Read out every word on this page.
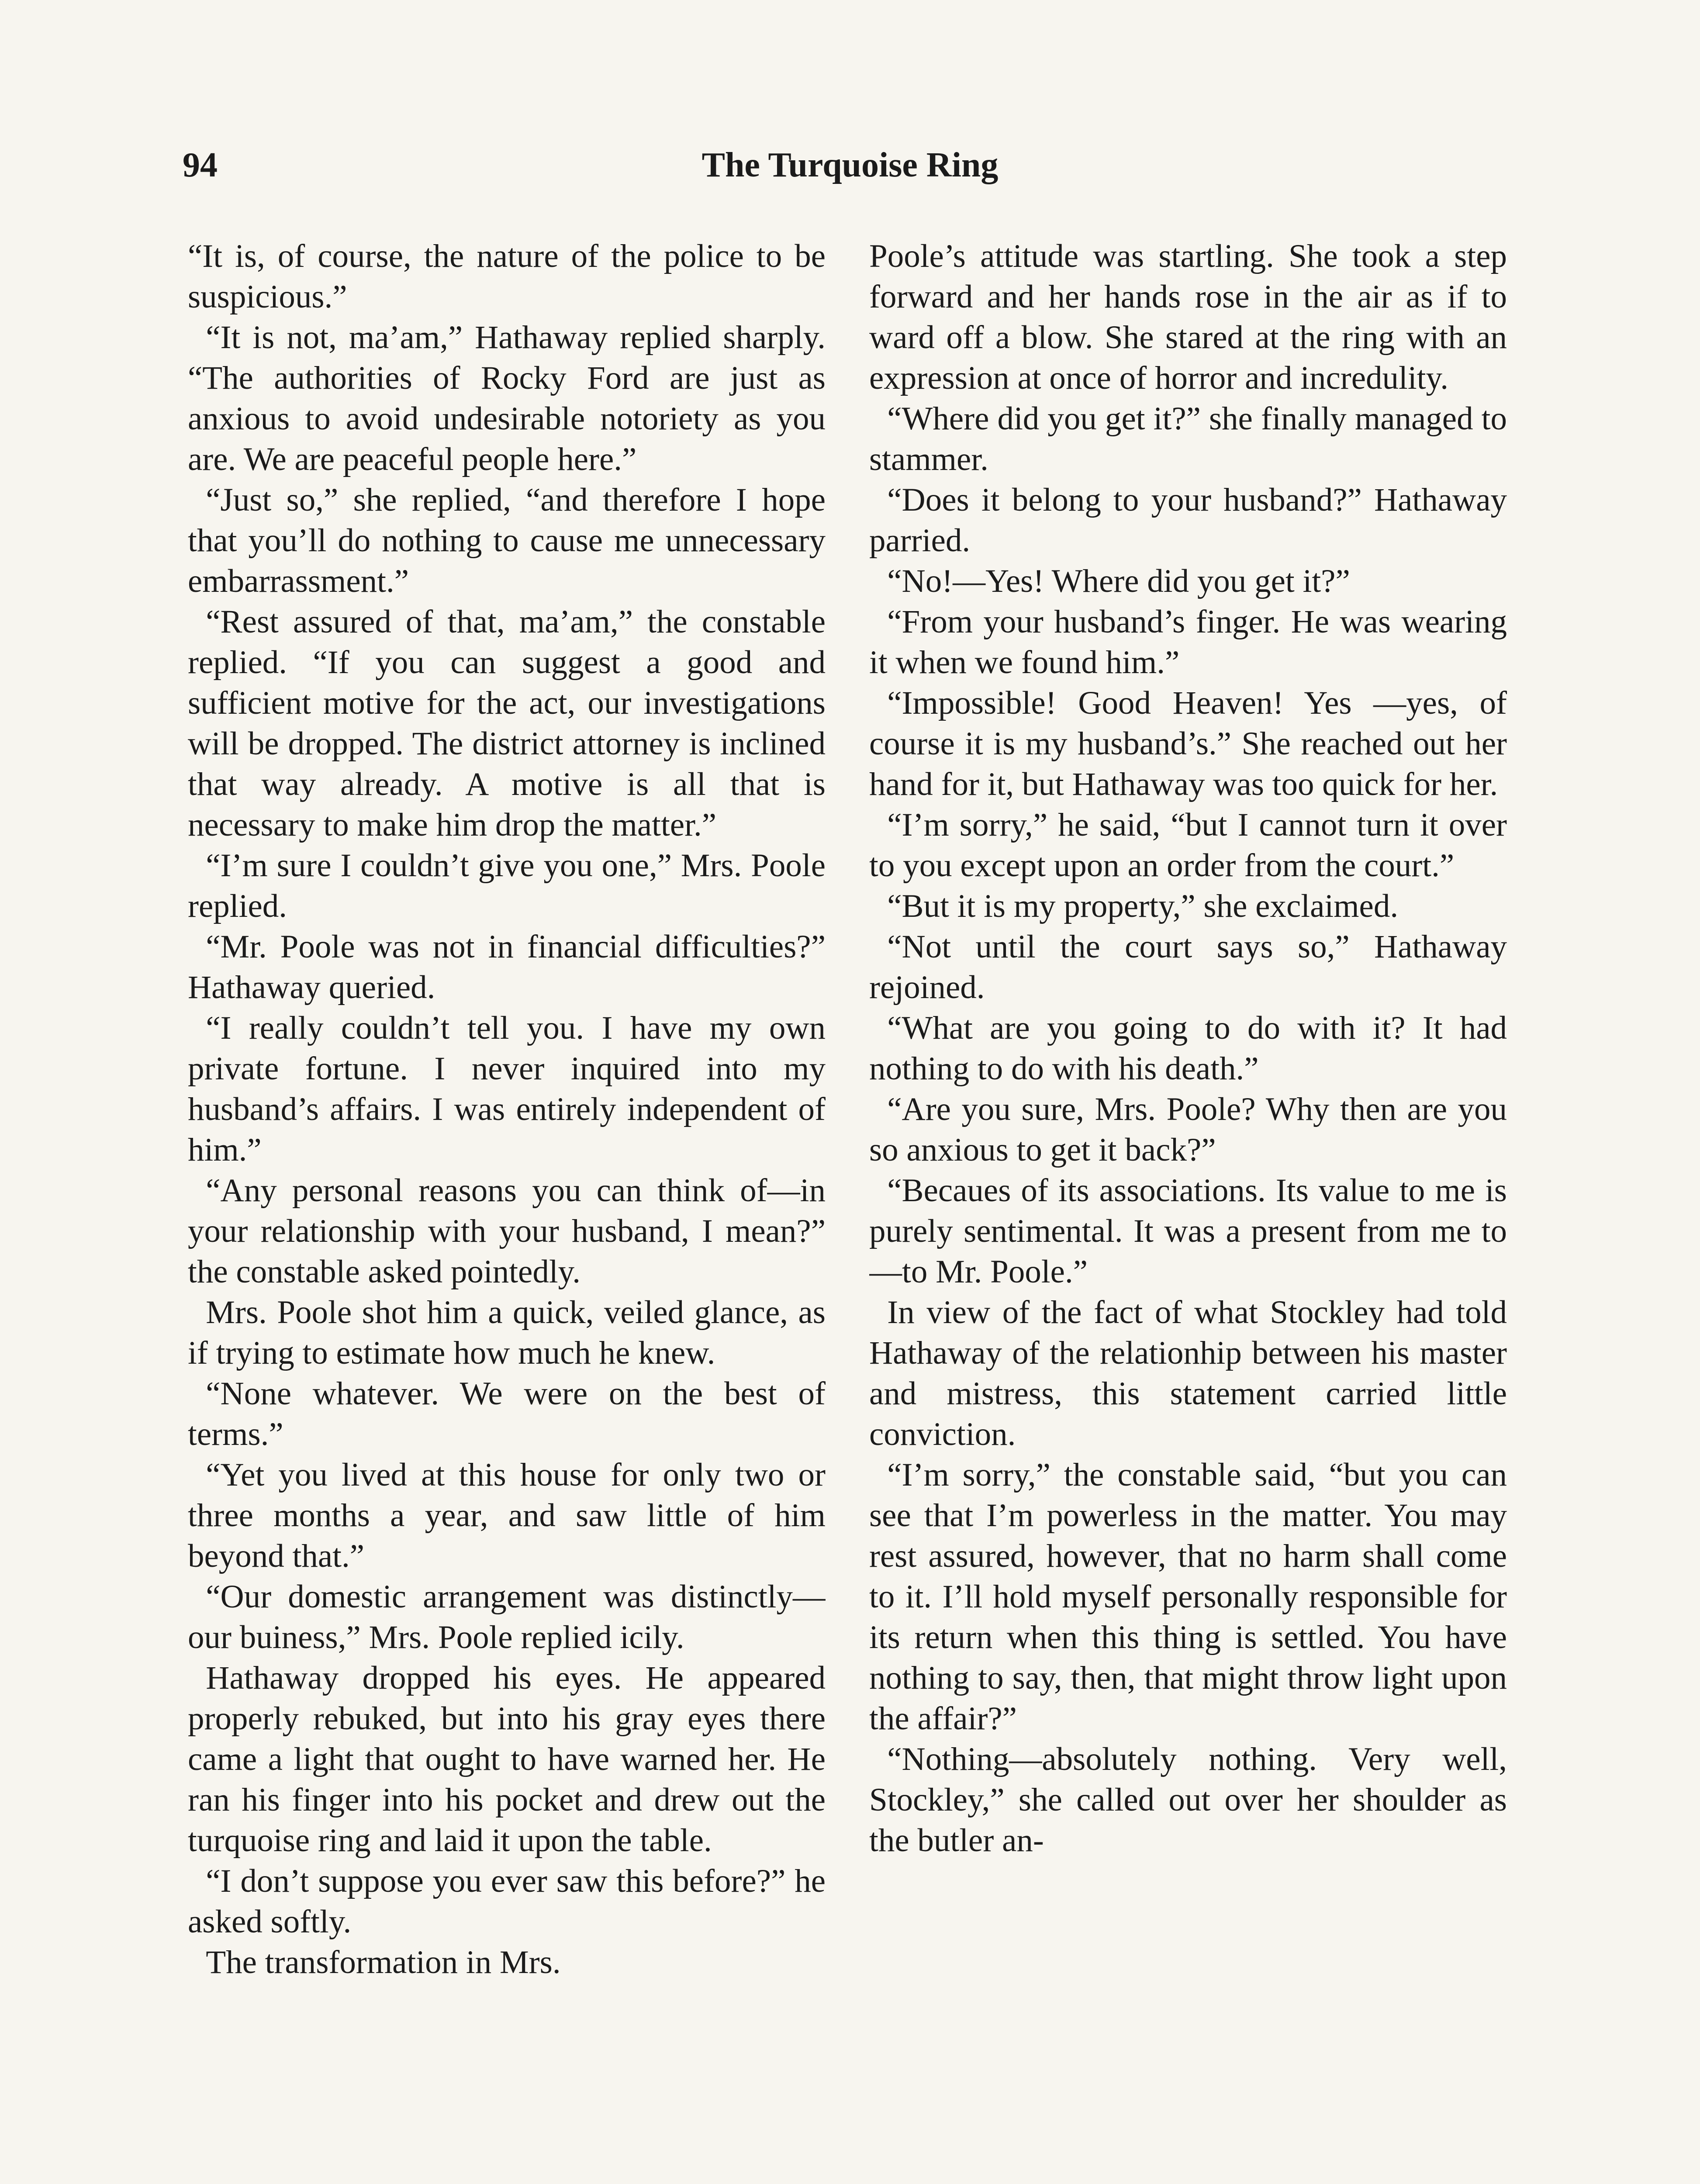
94	The Turquoise Ring

“It is, of course, the nature of the police to be suspicious.”

“It is not, ma’am,” Hathaway replied sharply. “The authorities of Rocky Ford are just as anxious to avoid undesirable notoriety as you are. We are peaceful people here.”

“Just so,” she replied, “and therefore I hope that you’ll do nothing to cause me unnecessary embarrassment.”

“Rest assured of that, ma’am,” the constable replied. “If you can suggest a good and sufficient motive for the act, our investigations will be dropped. The district attorney is inclined that way already. A motive is all that is necessary to make him drop the matter.”

“I’m sure I couldn’t give you one,” Mrs. Poole replied.

“Mr. Poole was not in financial difficulties?” Hathaway queried.

“I really couldn’t tell you. I have my own private fortune. I never inquired into my husband’s affairs. I was entirely independent of him.”

“Any personal reasons you can think of—in your relationship with your husband, I mean?” the constable asked pointedly.

Mrs. Poole shot him a quick, veiled glance, as if trying to estimate how much he knew.

“None whatever. We were on the best of terms.”

“Yet you lived at this house for only two or three months a year, and saw little of him beyond that.”

“Our domestic arrangement was distinctly—our buiness,” Mrs. Poole replied icily.

Hathaway dropped his eyes. He appeared properly rebuked, but into his gray eyes there came a light that ought to have warned her. He ran his finger into his pocket and drew out the turquoise ring and laid it upon the table.

“I don’t suppose you ever saw this before?” he asked softly.

The transformation in Mrs.

Poole’s attitude was startling. She took a step forward and her hands rose in the air as if to ward off a blow. She stared at the ring with an expression at once of horror and incredulity.

“Where did you get it?” she finally managed to stammer.

“Does it belong to your husband?” Hathaway parried.

“No!—Yes! Where did you get it?”

“From your husband’s finger. He was wearing it when we found him.”

“Impossible! Good Heaven! Yes —yes, of course it is my husband’s.” She reached out her hand for it, but Hathaway was too quick for her.

“I’m sorry,” he said, “but I cannot turn it over to you except upon an order from the court.”

“But it is my property,” she exclaimed.

“Not until the court says so,” Hathaway rejoined.

“What are you going to do with it? It had nothing to do with his death.”

“Are you sure, Mrs. Poole? Why then are you so anxious to get it back?”

“Becaues of its associations. Its value to me is purely sentimental. It was a present from me to—to Mr. Poole.”

In view of the fact of what Stockley had told Hathaway of the relationhip between his master and mistress, this statement carried little conviction.

“I’m sorry,” the constable said, “but you can see that I’m powerless in the matter. You may rest assured, however, that no harm shall come to it. I’ll hold myself personally responsible for its return when this thing is settled. You have nothing to say, then, that might throw light upon the affair?”

“Nothing—absolutely nothing. Very well, Stockley,” she called out over her shoulder as the butler an-
